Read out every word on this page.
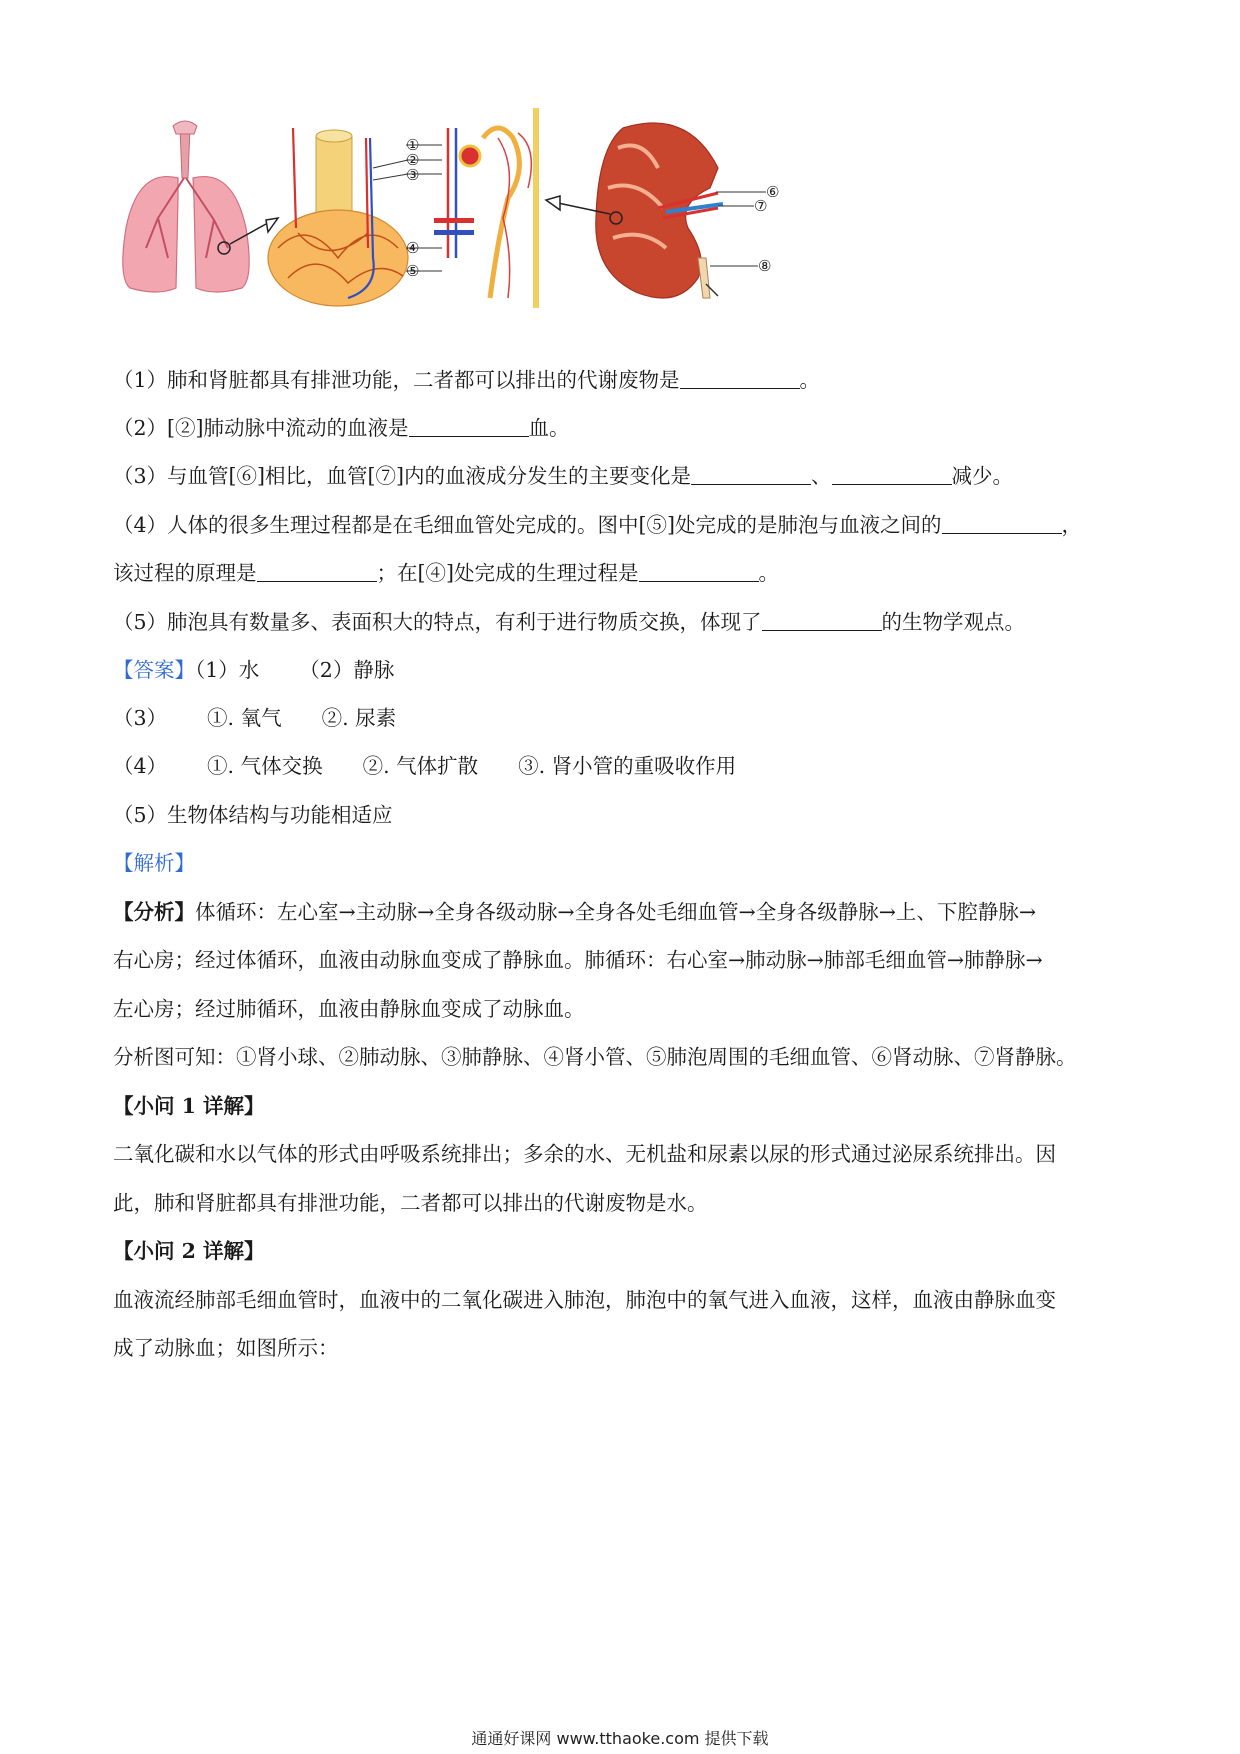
①
②
③
④
⑤
⑥
⑦
⑧
（1）肺和肾脏都具有排泄功能，二者都可以排出的代谢废物是	。
（2）[②]肺动脉中流动的血液是	血。
（3）与血管[⑥]相比，血管[⑦]内的血液成分发生的主要变化是	、	减少。
（4）人体的很多生理过程都是在毛细血管处完成的。图中[⑤]处完成的是肺泡与血液之间的	，
该过程的原理是	；在[④]处完成的生理过程是	。
（5）肺泡具有数量多、表面积大的特点，有利于进行物质交换，体现了	的生物学观点。
【答案】（1）水 （2）静脉
（3） ①. 氧气 ②. 尿素
（4） ①. 气体交换 ②. 气体扩散 ③. 肾小管的重吸收作用
（5）生物体结构与功能相适应
【解析】
【分析】体循环：左心室→主动脉→全身各级动脉→全身各处毛细血管→全身各级静脉→上、下腔静脉→
右心房；经过体循环，血液由动脉血变成了静脉血。肺循环：右心室→肺动脉→肺部毛细血管→肺静脉→
左心房；经过肺循环，血液由静脉血变成了动脉血。
分析图可知：①肾小球、②肺动脉、③肺静脉、④肾小管、⑤肺泡周围的毛细血管、⑥肾动脉、⑦肾静脉。
【小问 1 详解】
二氧化碳和水以气体的形式由呼吸系统排出；多余的水、无机盐和尿素以尿的形式通过泌尿系统排出。因
此，肺和肾脏都具有排泄功能，二者都可以排出的代谢废物是水。
【小问 2 详解】
血液流经肺部毛细血管时，血液中的二氧化碳进入肺泡，肺泡中的氧气进入血液，这样，血液由静脉血变
成了动脉血；如图所示：
通通好课网 www.tthaoke.com 提供下载
